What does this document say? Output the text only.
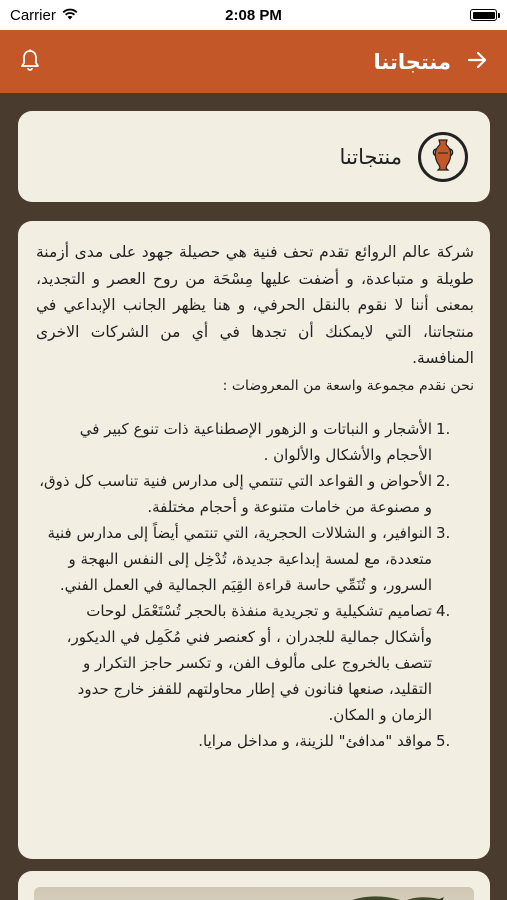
Carrier	2:08 PM
منتجاتنا
منتجاتنا

شركة عالم الروائع تقدم تحف فنية هي حصيلة جهود على مدى أزمنة طويلة و متباعدة، و أضفت عليها مِسْحَة من روح العصر و التجديد، بمعنى أننا لا نقوم بالنقل الحرفي، و هنا يظهر الجانب الإبداعي في منتجاتنا، التي لايمكنك أن تجدها في أي من الشركات الاخرى المنافسة.

نحن نقدم مجموعة واسعة من المعروضات :

1.
الأشجار و النباتات و الزهور الإصطناعية ذات تنوع كبير في الأحجام والأشكال والألوان .
2.
الأحواض و القواعد التي تنتمي إلى مدارس فنية تناسب كل ذوق، و مصنوعة من خامات متنوعة و أحجام مختلفة.
3.
النوافير، و الشلالات الحجرية، التي تنتمي أيضاً إلى مدارس فنية متعددة، مع لمسة إبداعية جديدة، تُدْخِل إلى النفس البهجة و السرور، و تُنَمِّي حاسة قراءة القِيَم الجمالية في العمل الفني.
4.
تصاميم تشكيلية و تجريدية منفذة بالحجر تُسْتَعْمَل لوحات وأشكال جمالية للجدران ، أو كعنصر فني مُكَمِل في الديكور، تتصف بالخروج على مألوف الفن، و تكسر حاجز التكرار و التقليد، صنعها فنانون في إطار محاولتهم للقفز خارج حدود الزمان و المكان.
5.
مواقد "مدافئ" للزينة، و مداخل مرايا.
